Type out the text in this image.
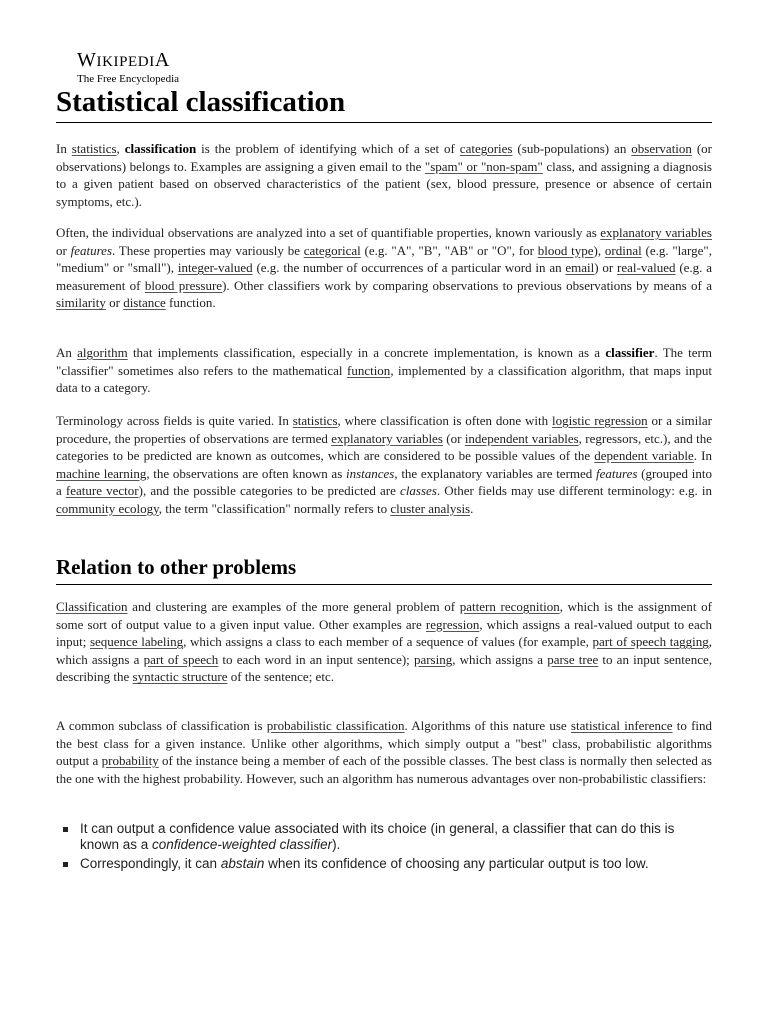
WIKIPEDIA
The Free Encyclopedia
Statistical classification

In statistics, classification is the problem of identifying which of a set of categories (sub-populations) an observation (or observations) belongs to. Examples are assigning a given email to the "spam" or "non-spam" class, and assigning a diagnosis to a given patient based on observed characteristics of the patient (sex, blood pressure, presence or absence of certain symptoms, etc.).

Often, the individual observations are analyzed into a set of quantifiable properties, known variously as explanatory variables or features. These properties may variously be categorical (e.g. "A", "B", "AB" or "O", for blood type), ordinal (e.g. "large", "medium" or "small"), integer-valued (e.g. the number of occurrences of a particular word in an email) or real-valued (e.g. a measurement of blood pressure). Other classifiers work by comparing observations to previous observations by means of a similarity or distance function.

An algorithm that implements classification, especially in a concrete implementation, is known as a classifier. The term "classifier" sometimes also refers to the mathematical function, implemented by a classification algorithm, that maps input data to a category.

Terminology across fields is quite varied. In statistics, where classification is often done with logistic regression or a similar procedure, the properties of observations are termed explanatory variables (or independent variables, regressors, etc.), and the categories to be predicted are known as outcomes, which are considered to be possible values of the dependent variable. In machine learning, the observations are often known as instances, the explanatory variables are termed features (grouped into a feature vector), and the possible categories to be predicted are classes. Other fields may use different terminology: e.g. in community ecology, the term "classification" normally refers to cluster analysis.

Relation to other problems

Classification and clustering are examples of the more general problem of pattern recognition, which is the assignment of some sort of output value to a given input value. Other examples are regression, which assigns a real-valued output to each input; sequence labeling, which assigns a class to each member of a sequence of values (for example, part of speech tagging, which assigns a part of speech to each word in an input sentence); parsing, which assigns a parse tree to an input sentence, describing the syntactic structure of the sentence; etc.

A common subclass of classification is probabilistic classification. Algorithms of this nature use statistical inference to find the best class for a given instance. Unlike other algorithms, which simply output a "best" class, probabilistic algorithms output a probability of the instance being a member of each of the possible classes. The best class is normally then selected as the one with the highest probability. However, such an algorithm has numerous advantages over non-probabilistic classifiers:

It can output a confidence value associated with its choice (in general, a classifier that can do this is known as a confidence-weighted classifier).
Correspondingly, it can abstain when its confidence of choosing any particular output is too low.
